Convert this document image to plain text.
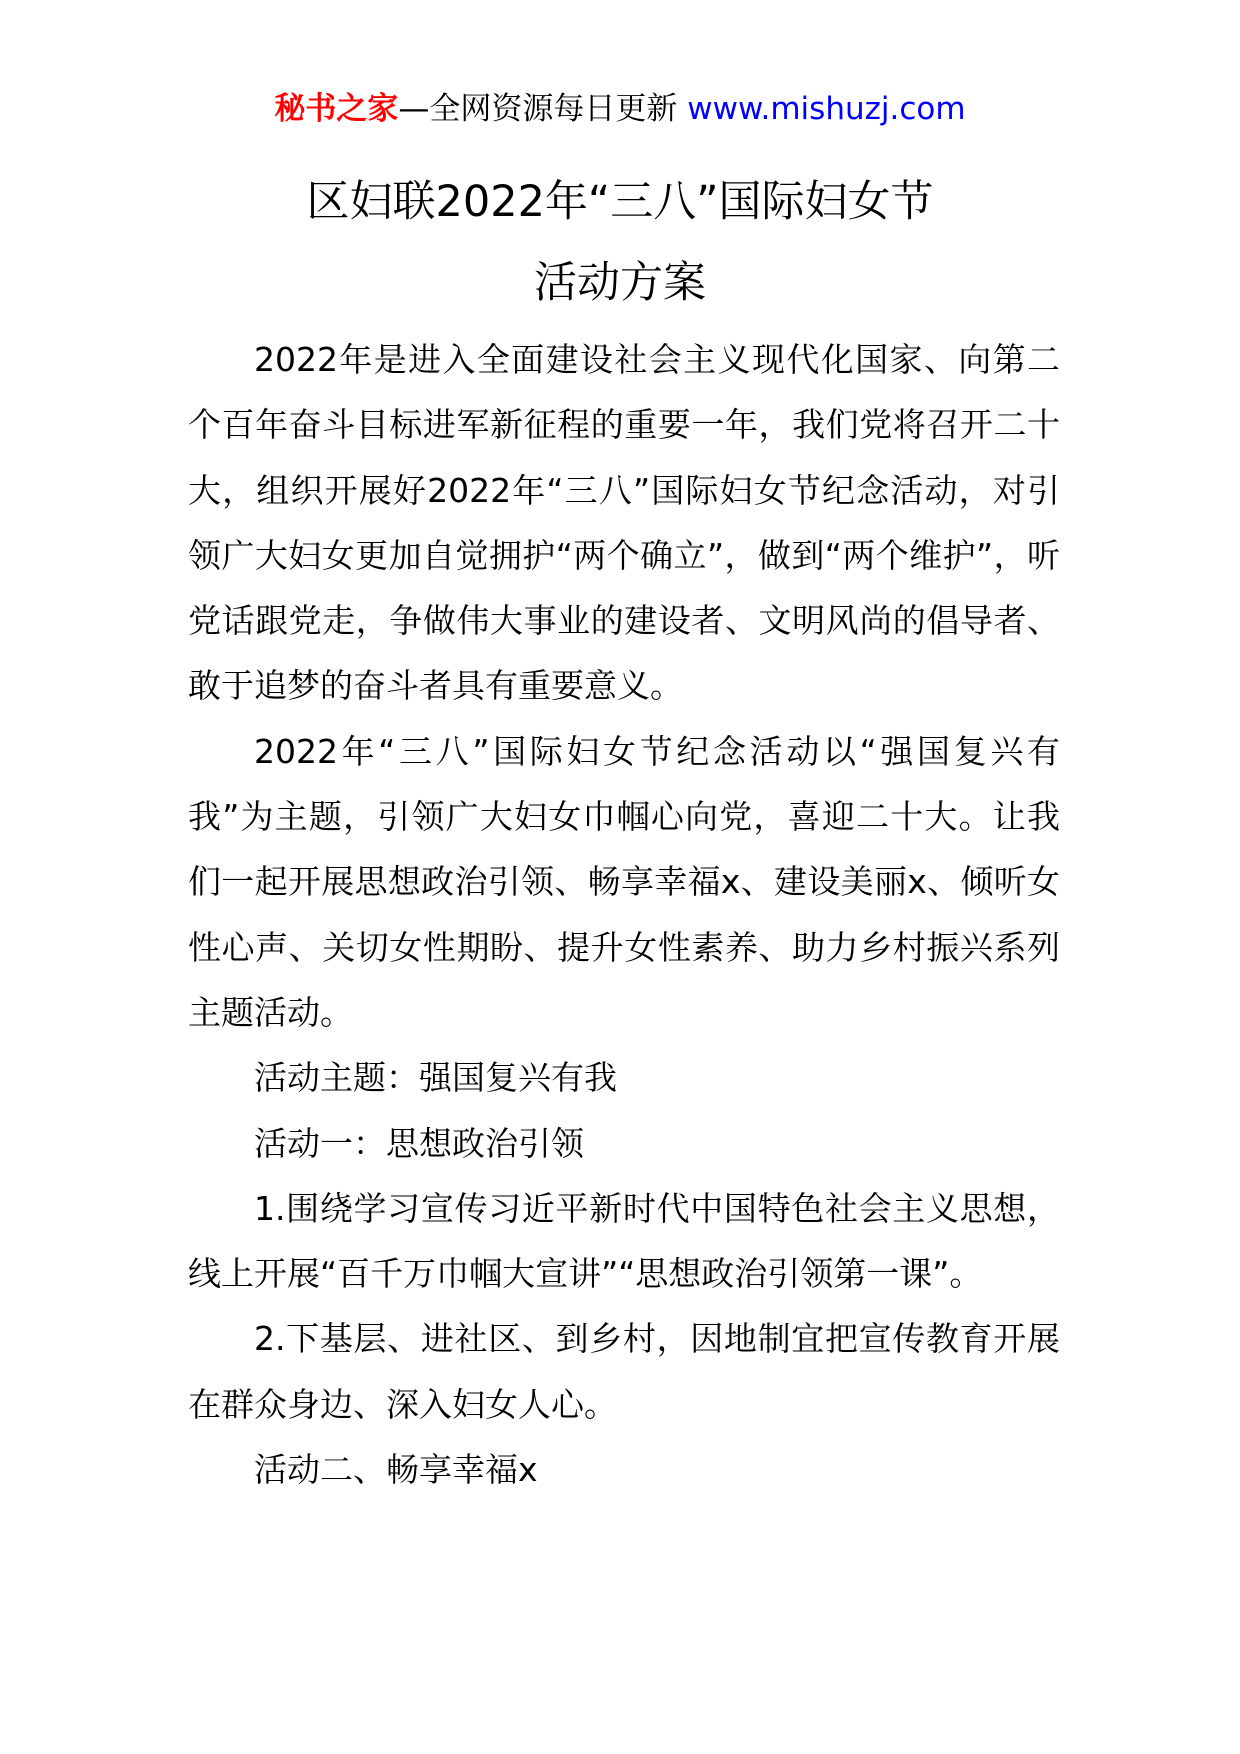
秘书之家—全网资源每日更新 www.mishuzj.com
区妇联2022年“三八”国际妇女节
活动方案

2022年是进入全面建设社会主义现代化国家、向第二个百年奋斗目标进军新征程的重要一年，我们党将召开二十大，组织开展好2022年“三八”国际妇女节纪念活动，对引领广大妇女更加自觉拥护“两个确立”，做到“两个维护”，听党话跟党走，争做伟大事业的建设者、文明风尚的倡导者、敢于追梦的奋斗者具有重要意义。

2022年“三八”国际妇女节纪念活动以“强国复兴有我”为主题，引领广大妇女巾帼心向党，喜迎二十大。让我们一起开展思想政治引领、畅享幸福x、建设美丽x、倾听女性心声、关切女性期盼、提升女性素养、助力乡村振兴系列主题活动。

活动主题：强国复兴有我

活动一：思想政治引领

1.围绕学习宣传习近平新时代中国特色社会主义思想，线上开展“百千万巾帼大宣讲”“思想政治引领第一课”。

2.下基层、进社区、到乡村，因地制宜把宣传教育开展在群众身边、深入妇女人心。

活动二、畅享幸福x
